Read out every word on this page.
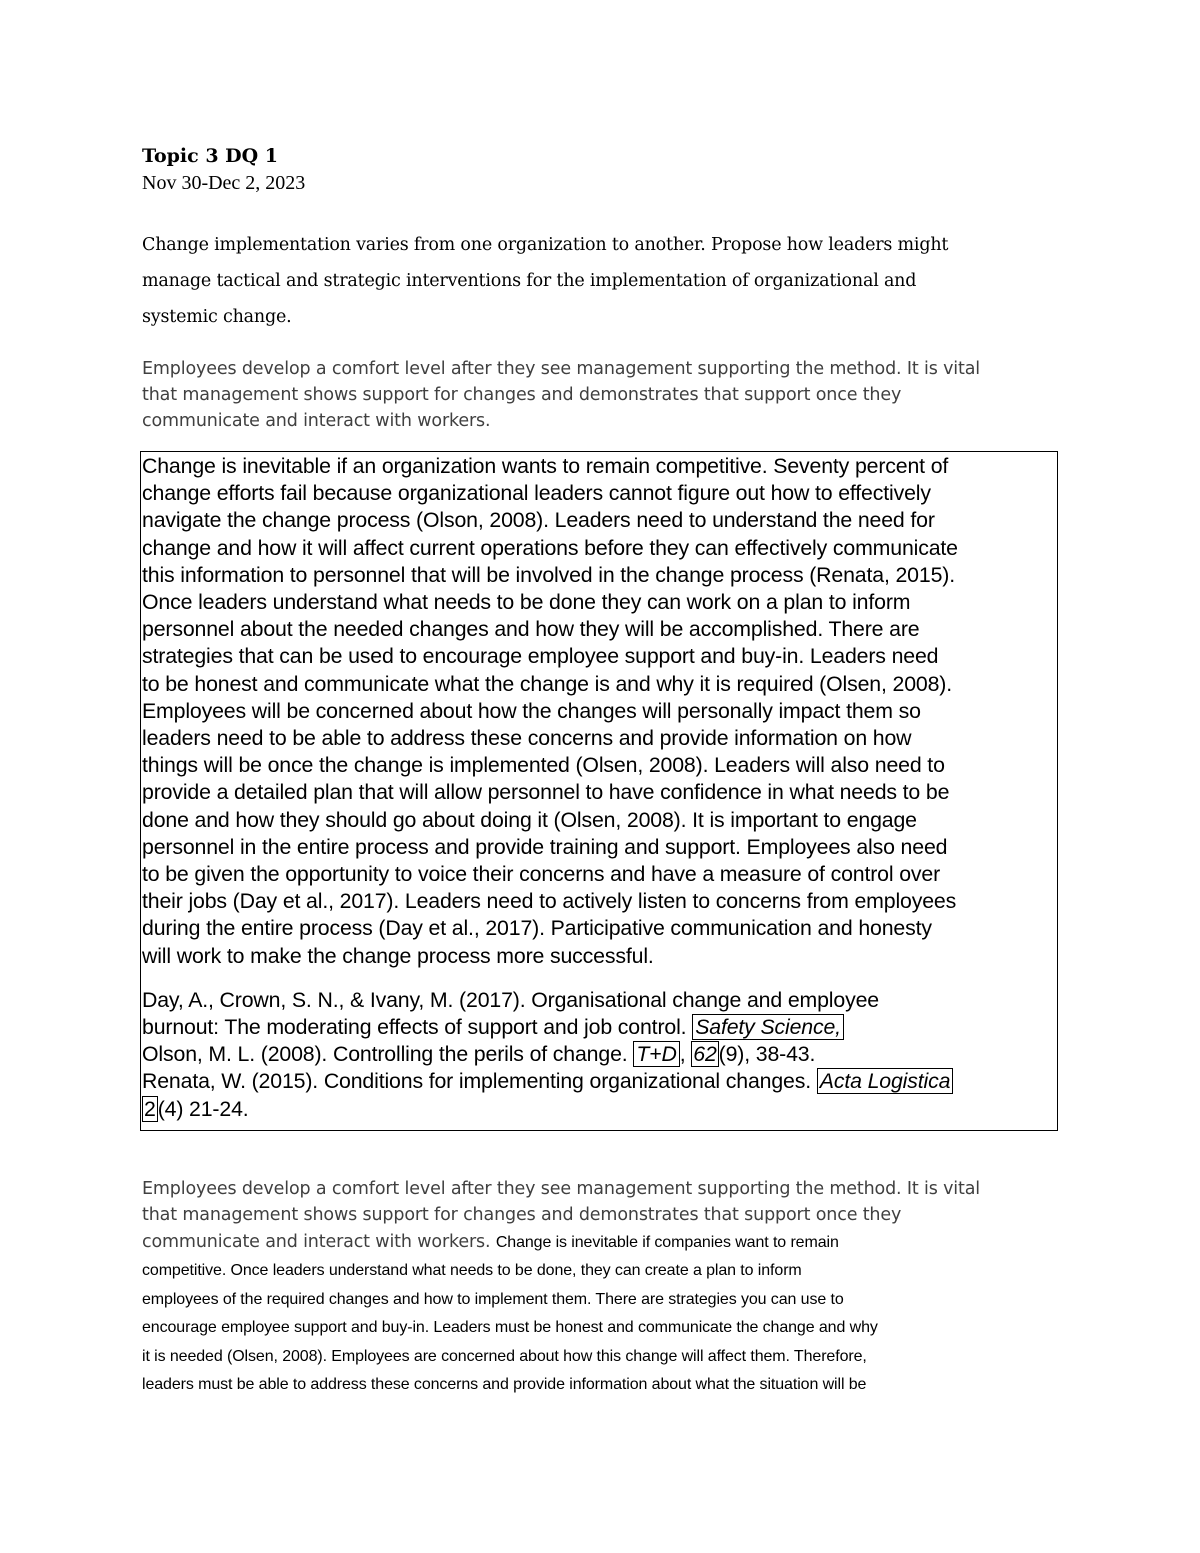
Topic 3 DQ 1
Nov 30-Dec 2, 2023

Change implementation varies from one organization to another. Propose how leaders might

manage tactical and strategic interventions for the implementation of organizational and

systemic change.

Employees develop a comfort level after they see management supporting the method. It is vital
that management shows support for changes and demonstrates that support once they
communicate and interact with workers.
Change is inevitable if an organization wants to remain competitive. Seventy percent of
change efforts fail because organizational leaders cannot figure out how to effectively
navigate the change process (Olson, 2008). Leaders need to understand the need for
change and how it will affect current operations before they can effectively communicate
this information to personnel that will be involved in the change process (Renata, 2015).
Once leaders understand what needs to be done they can work on a plan to inform
personnel about the needed changes and how they will be accomplished. There are
strategies that can be used to encourage employee support and buy-in. Leaders need
to be honest and communicate what the change is and why it is required (Olsen, 2008).
Employees will be concerned about how the changes will personally impact them so
leaders need to be able to address these concerns and provide information on how
things will be once the change is implemented (Olsen, 2008). Leaders will also need to
provide a detailed plan that will allow personnel to have confidence in what needs to be
done and how they should go about doing it (Olsen, 2008). It is important to engage
personnel in the entire process and provide training and support. Employees also need
to be given the opportunity to voice their concerns and have a measure of control over
their jobs (Day et al., 2017). Leaders need to actively listen to concerns from employees
during the entire process (Day et al., 2017). Participative communication and honesty
will work to make the change process more successful.
Day, A., Crown, S. N., & Ivany, M. (2017). Organisational change and employee
burnout: The moderating effects of support and job control. Safety Science,
Olson, M. L. (2008). Controlling the perils of change. T+D , 62(9), 38-43.
Renata, W. (2015). Conditions for implementing organizational changes. Acta Logistica
2(4) 21-24.
Employees develop a comfort level after they see management supporting the method. It is vital
that management shows support for changes and demonstrates that support once they
communicate and interact with workers. Change is inevitable if companies want to remain
competitive. Once leaders understand what needs to be done, they can create a plan to inform
employees of the required changes and how to implement them. There are strategies you can use to
encourage employee support and buy-in. Leaders must be honest and communicate the change and why
it is needed (Olsen, 2008). Employees are concerned about how this change will affect them. Therefore,
leaders must be able to address these concerns and provide information about what the situation will be
